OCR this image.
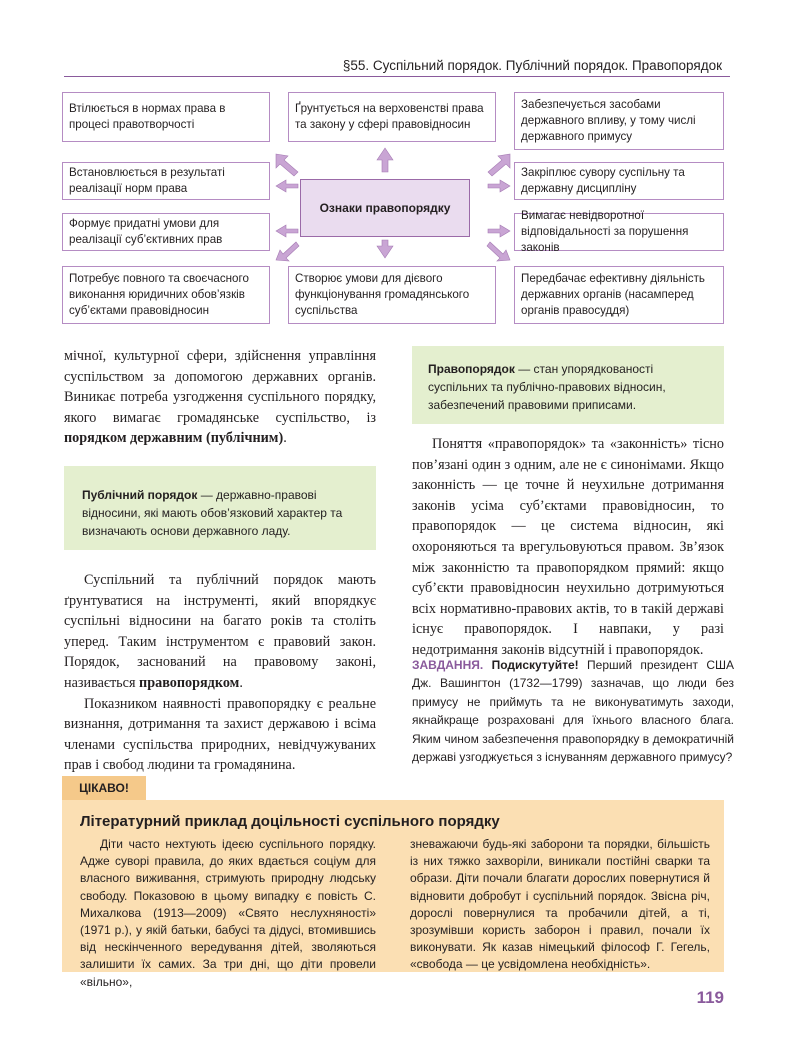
§55. Суспільний порядок. Публічний порядок. Правопорядок
Втілюється в нормах права в процесі правотворчості
Встановлюється в результаті реалізації норм права
Формує придатні умови для реалізації суб’єктивних прав
Потребує повного та своєчасного виконання юридичних обов’язків суб’єктами правовідносин
Ґрунтується на верховенстві права та закону у сфері правовідносин
Створює умови для дієвого функціонування громадянського суспільства
Забезпечується засобами державного впливу, у тому числі державного примусу
Закріплює сувору суспільну та державну дисципліну
Вимагає невідворотної відповідальності за порушення законів
Передбачає ефективну діяльність державних органів (насамперед органів правосуддя)
Ознаки правопорядку

мічної, культурної сфери, здійснення управління суспільством за допомогою державних органів. Виникає потреба узгодження суспільного порядку, якого вимагає громадянське суспільство, із порядком державним (публічним).

Публічний порядок — державно-правові відносини, які мають обов’язковий характер та визначають основи державного ладу.

Суспільний та публічний порядок мають ґрунтуватися на інструменті, який впорядкує суспільні відносини на багато років та століть уперед. Таким інструментом є правовий закон. Порядок, заснований на правовому законі, називається правопорядком.

Показником наявності правопорядку є реальне визнання, дотримання та захист державою і всіма членами суспільства природних, невідчужуваних прав і свобод людини та громадянина.

Правопорядок — стан упорядкованості суспільних та публічно-правових відносин, забезпечений правовими приписами.

Поняття «правопорядок» та «законність» тісно пов’язані один з одним, але не є синонімами. Якщо законність — це точне й неухильне дотримання законів усіма суб’єктами правовідносин, то правопорядок — це система відносин, які охороняються та врегульовуються правом. Зв’язок між законністю та правопорядком прямий: якщо суб’єкти правовідносин неухильно дотримуються всіх нормативно-правових актів, то в такій державі існує правопорядок. І навпаки, у разі недотримання законів відсутній і правопорядок.

ЗАВДАННЯ. Подискутуйте! Перший президент США Дж. Вашингтон (1732—1799) зазначав, що люди без примусу не приймуть та не виконуватимуть заходи, якнайкраще розраховані для їхнього власного блага. Яким чином забезпечення правопорядку в демократичній державі узгоджується з існуванням державного примусу?
ЦІКАВО!
Літературний приклад доцільності суспільного порядку
Діти часто нехтують ідеєю суспільного порядку. Адже суворі правила, до яких вдається соціум для власного виживання, стримують природну людську свободу. Показовою в цьому випадку є повість С. Михалкова (1913—2009) «Свято неслухняності» (1971 р.), у якій батьки, бабусі та дідусі, втомившись від нескінченного вередування дітей, зволяються залишити їх самих. За три дні, що діти провели «вільно»,
зневажаючи будь-які заборони та порядки, більшість із них тяжко захворіли, виникали постійні сварки та образи. Діти почали благати дорослих повернутися й відновити добробут і суспільний порядок. Звісна річ, дорослі повернулися та пробачили дітей, а ті, зрозумівши користь заборон і правил, почали їх виконувати. Як казав німецький філософ Г. Гегель, «свобода — це усвідомлена необхідність».
119
